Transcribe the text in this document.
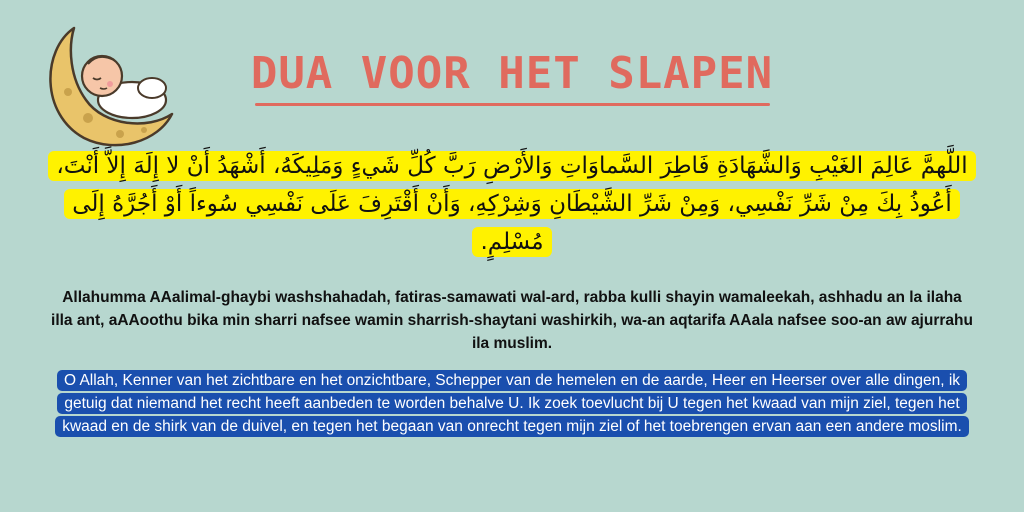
DUA VOOR HET SLAPEN
اللَّهمَّ عَالِمَ الغَيْبِ وَالشَّهَادَةِ فَاطِرَ السَّماوَاتِ وَالأَرْضِ رَبَّ كُلِّ شَيءٍ وَمَلِيكَهُ، أَشْهَدُ أَنْ لا إِلَهَ إِلاَّ أَنْتَ، أَعُوذُ بِكَ مِنْ شَرِّ نَفْسِي، وَمِنْ شَرِّ الشَّيْطَانِ وَشِرْكِهِ، وَأَنْ أَقْتَرِفَ عَلَى نَفْسِي سُوءاً أَوْ أَجُرَّهُ إِلَى مُسْلِمٍ.
Allahumma AAalimal-ghaybi washshahadah, fatiras-samawati wal-ard, rabba kulli shayin wamaleekah, ashhadu an la ilaha illa ant, aAAoothu bika min sharri nafsee wamin sharrish-shaytani washirkih, wa-an aqtarifa AAala nafsee soo-an aw ajurrahu ila muslim.
O Allah, Kenner van het zichtbare en het onzichtbare, Schepper van de hemelen en de aarde, Heer en Heerser over alle dingen, ik getuig dat niemand het recht heeft aanbeden te worden behalve U. Ik zoek toevlucht bij U tegen het kwaad van mijn ziel, tegen het kwaad en de shirk van de duivel, en tegen het begaan van onrecht tegen mijn ziel of het toebrengen ervan aan een andere moslim.
